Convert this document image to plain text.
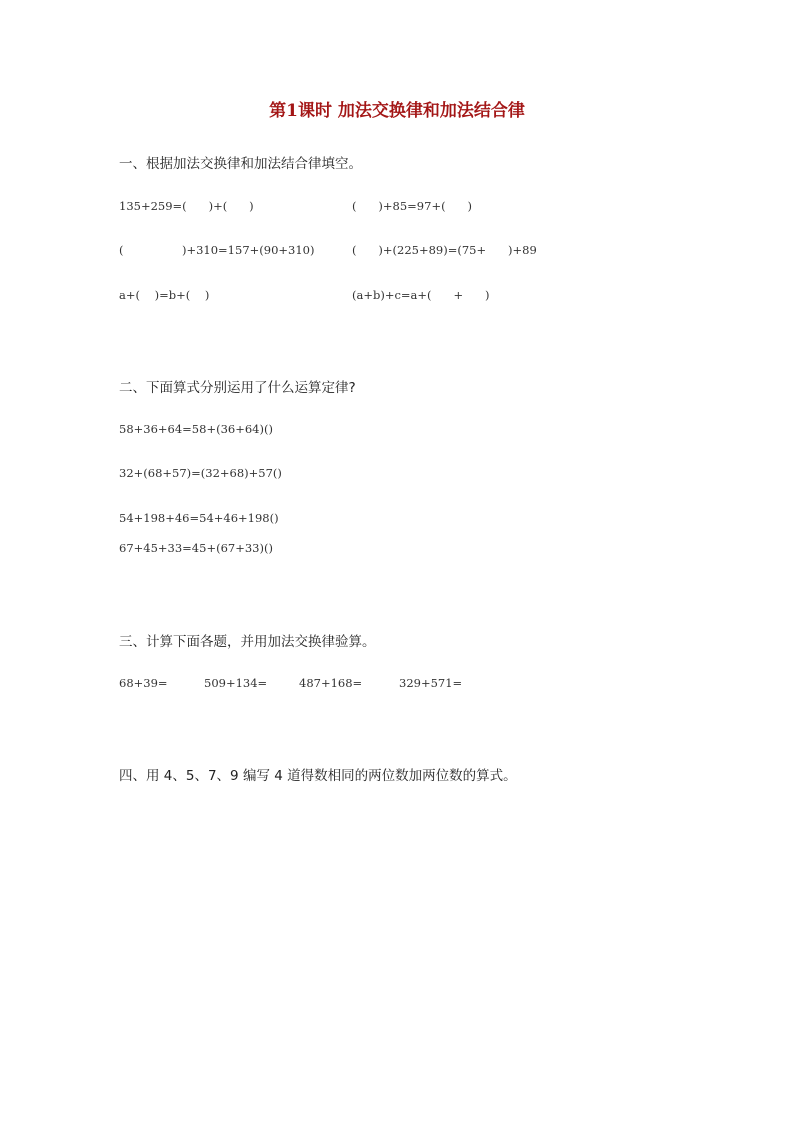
第1课时 加法交换律和加法结合律
一、根据加法交换律和加法结合律填空。
135+259=(      )+(      )	(      )+85=97+(      )
(                )+310=157+(90+310)	(      )+(225+89)=(75+      )+89
a+(    )=b+(    )	(a+b)+c=a+(      +      )
二、下面算式分别运用了什么运算定律?
58+36+64=58+(36+64)()
32+(68+57)=(32+68)+57()
54+198+46=54+46+198()
67+45+33=45+(67+33)()
三、计算下面各题，并用加法交换律验算。
68+39=	509+134=	487+168=	329+571=
四、用 4、5、7、9 编写 4 道得数相同的两位数加两位数的算式。
